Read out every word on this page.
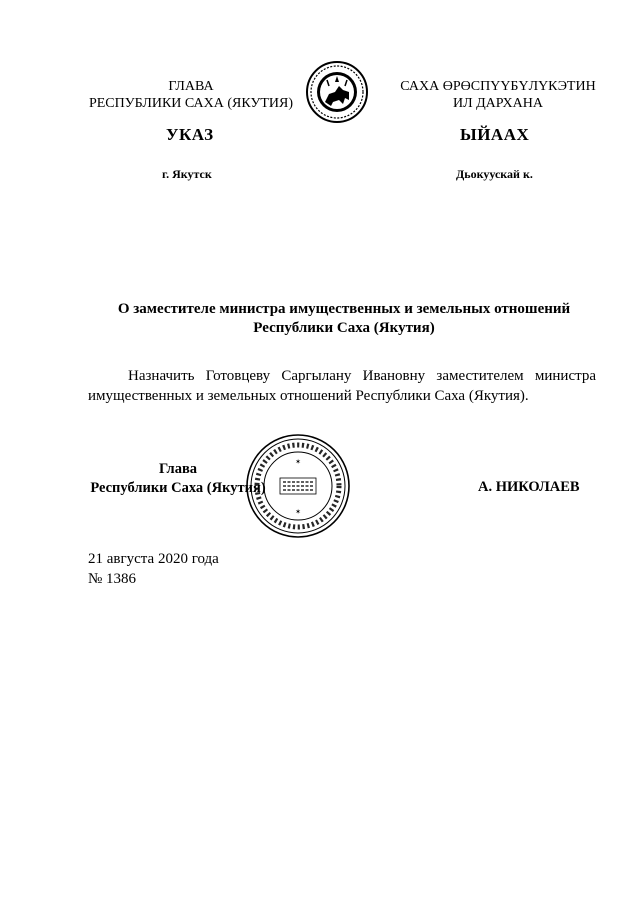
ГЛАВА
РЕСПУБЛИКИ САХА (ЯКУТИЯ)
САХА ӨРӨСПҮҮБҮЛҮКЭТИН
ИЛ ДАРХАНА
УКАЗ	ЫЙААХ
г. Якутск	Дьокуускай к.
О заместителе министра имущественных и земельных отношений
Республики Саха (Якутия)
Назначить Готовцеву Саргылану Ивановну заместителем министра имущественных и земельных отношений Республики Саха (Якутия).
Глава
Республики Саха (Якутия)
✶
✶
А. НИКОЛАЕВ
21 августа 2020 года
№ 1386
